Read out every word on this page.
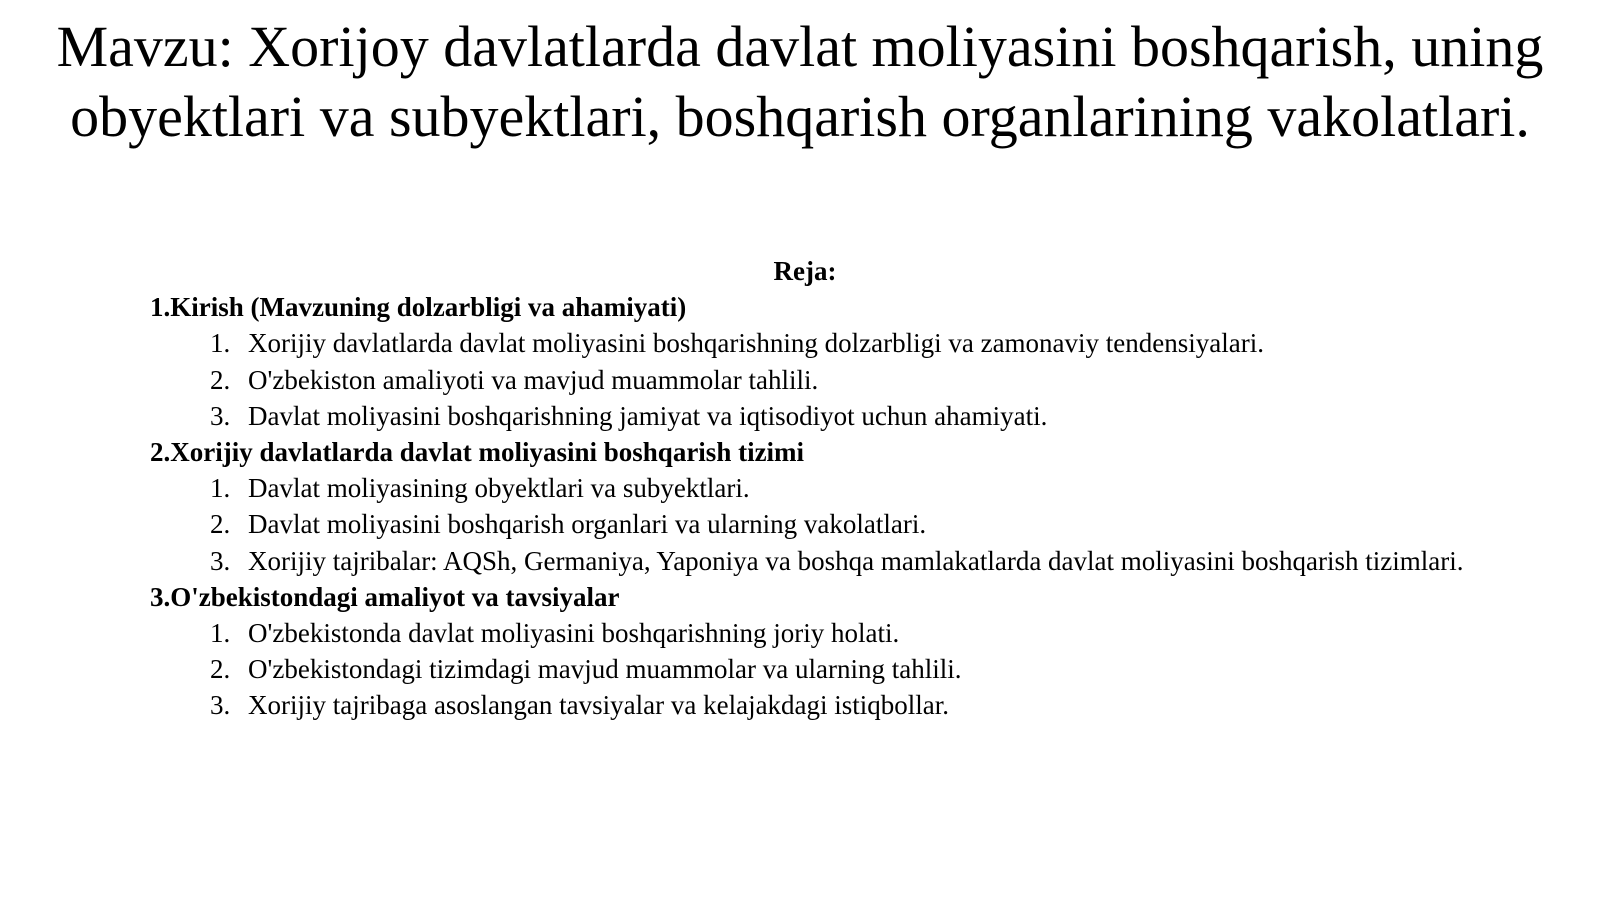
Mavzu: Xorijoy davlatlarda davlat moliyasini boshqarish, uning
obyektlari va subyektlari, boshqarish organlarining vakolatlari.
Reja:
1.Kirish (Mavzuning dolzarbligi va ahamiyati)
1. Xorijiy davlatlarda davlat moliyasini boshqarishning dolzarbligi va zamonaviy tendensiyalari.
2. O'zbekiston amaliyoti va mavjud muammolar tahlili.
3. Davlat moliyasini boshqarishning jamiyat va iqtisodiyot uchun ahamiyati.
2.Xorijiy davlatlarda davlat moliyasini boshqarish tizimi
1. Davlat moliyasining obyektlari va subyektlari.
2. Davlat moliyasini boshqarish organlari va ularning vakolatlari.
3. Xorijiy tajribalar: AQSh, Germaniya, Yaponiya va boshqa mamlakatlarda davlat moliyasini boshqarish tizimlari.
3.O'zbekistondagi amaliyot va tavsiyalar
1. O'zbekistonda davlat moliyasini boshqarishning joriy holati.
2. O'zbekistondagi tizimdagi mavjud muammolar va ularning tahlili.
3. Xorijiy tajribaga asoslangan tavsiyalar va kelajakdagi istiqbollar.
